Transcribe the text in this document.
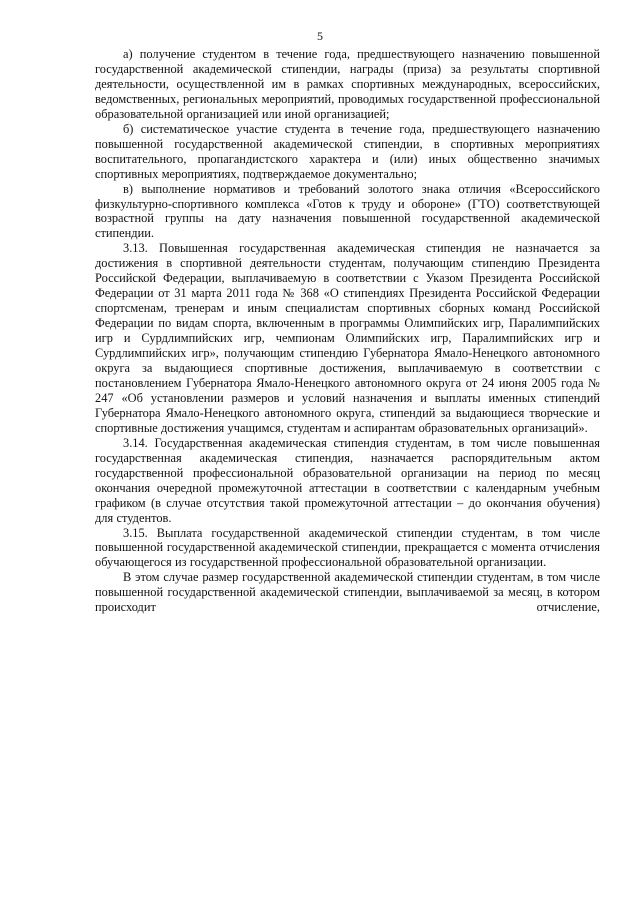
5

а) получение студентом в течение года, предшествующего назначению повышенной государственной академической стипендии, награды (приза) за результаты спортивной деятельности, осуществленной им в рамках спортивных международных, всероссийских, ведомственных, региональных мероприятий, проводимых государственной профессиональной образовательной организацией или иной организацией;

б) систематическое участие студента в течение года, предшествующего назначению повышенной государственной академической стипендии, в спортивных мероприятиях воспитательного, пропагандистского характера и (или) иных общественно значимых спортивных мероприятиях, подтверждаемое документально;

в) выполнение нормативов и требований золотого знака отличия «Всероссийского физкультурно-спортивного комплекса «Готов к труду и обороне» (ГТО) соответствующей возрастной группы на дату назначения повышенной государственной академической стипендии.

3.13. Повышенная государственная академическая стипендия не назначается за достижения в спортивной деятельности студентам, получающим стипендию Президента Российской Федерации, выплачиваемую в соответствии с Указом Президента Российской Федерации от 31 марта 2011 года № 368 «О стипендиях Президента Российской Федерации спортсменам, тренерам и иным специалистам спортивных сборных команд Российской Федерации по видам спорта, включенным в программы Олимпийских игр, Паралимпийских игр и Сурдлимпийских игр, чемпионам Олимпийских игр, Паралимпийских игр и Сурдлимпийских игр», получающим стипендию Губернатора Ямало-Ненецкого автономного округа за выдающиеся спортивные достижения, выплачиваемую в соответствии с постановлением Губернатора Ямало-Ненецкого автономного округа от 24 июня 2005 года № 247 «Об установлении размеров и условий назначения и выплаты именных стипендий Губернатора Ямало-Ненецкого автономного округа, стипендий за выдающиеся творческие и спортивные достижения учащимся, студентам и аспирантам образовательных организаций».

3.14. Государственная академическая стипендия студентам, в том числе повышенная государственная академическая стипендия, назначается распорядительным актом государственной профессиональной образовательной организации на период по месяц окончания очередной промежуточной аттестации в соответствии с календарным учебным графиком (в случае отсутствия такой промежуточной аттестации – до окончания обучения) для студентов.

3.15. Выплата государственной академической стипендии студентам, в том числе повышенной государственной академической стипендии, прекращается с момента отчисления обучающегося из государственной профессиональной образовательной организации.

В этом случае размер государственной академической стипендии студентам, в том числе повышенной государственной академической стипендии, выплачиваемой за месяц, в котором происходит отчисление,
